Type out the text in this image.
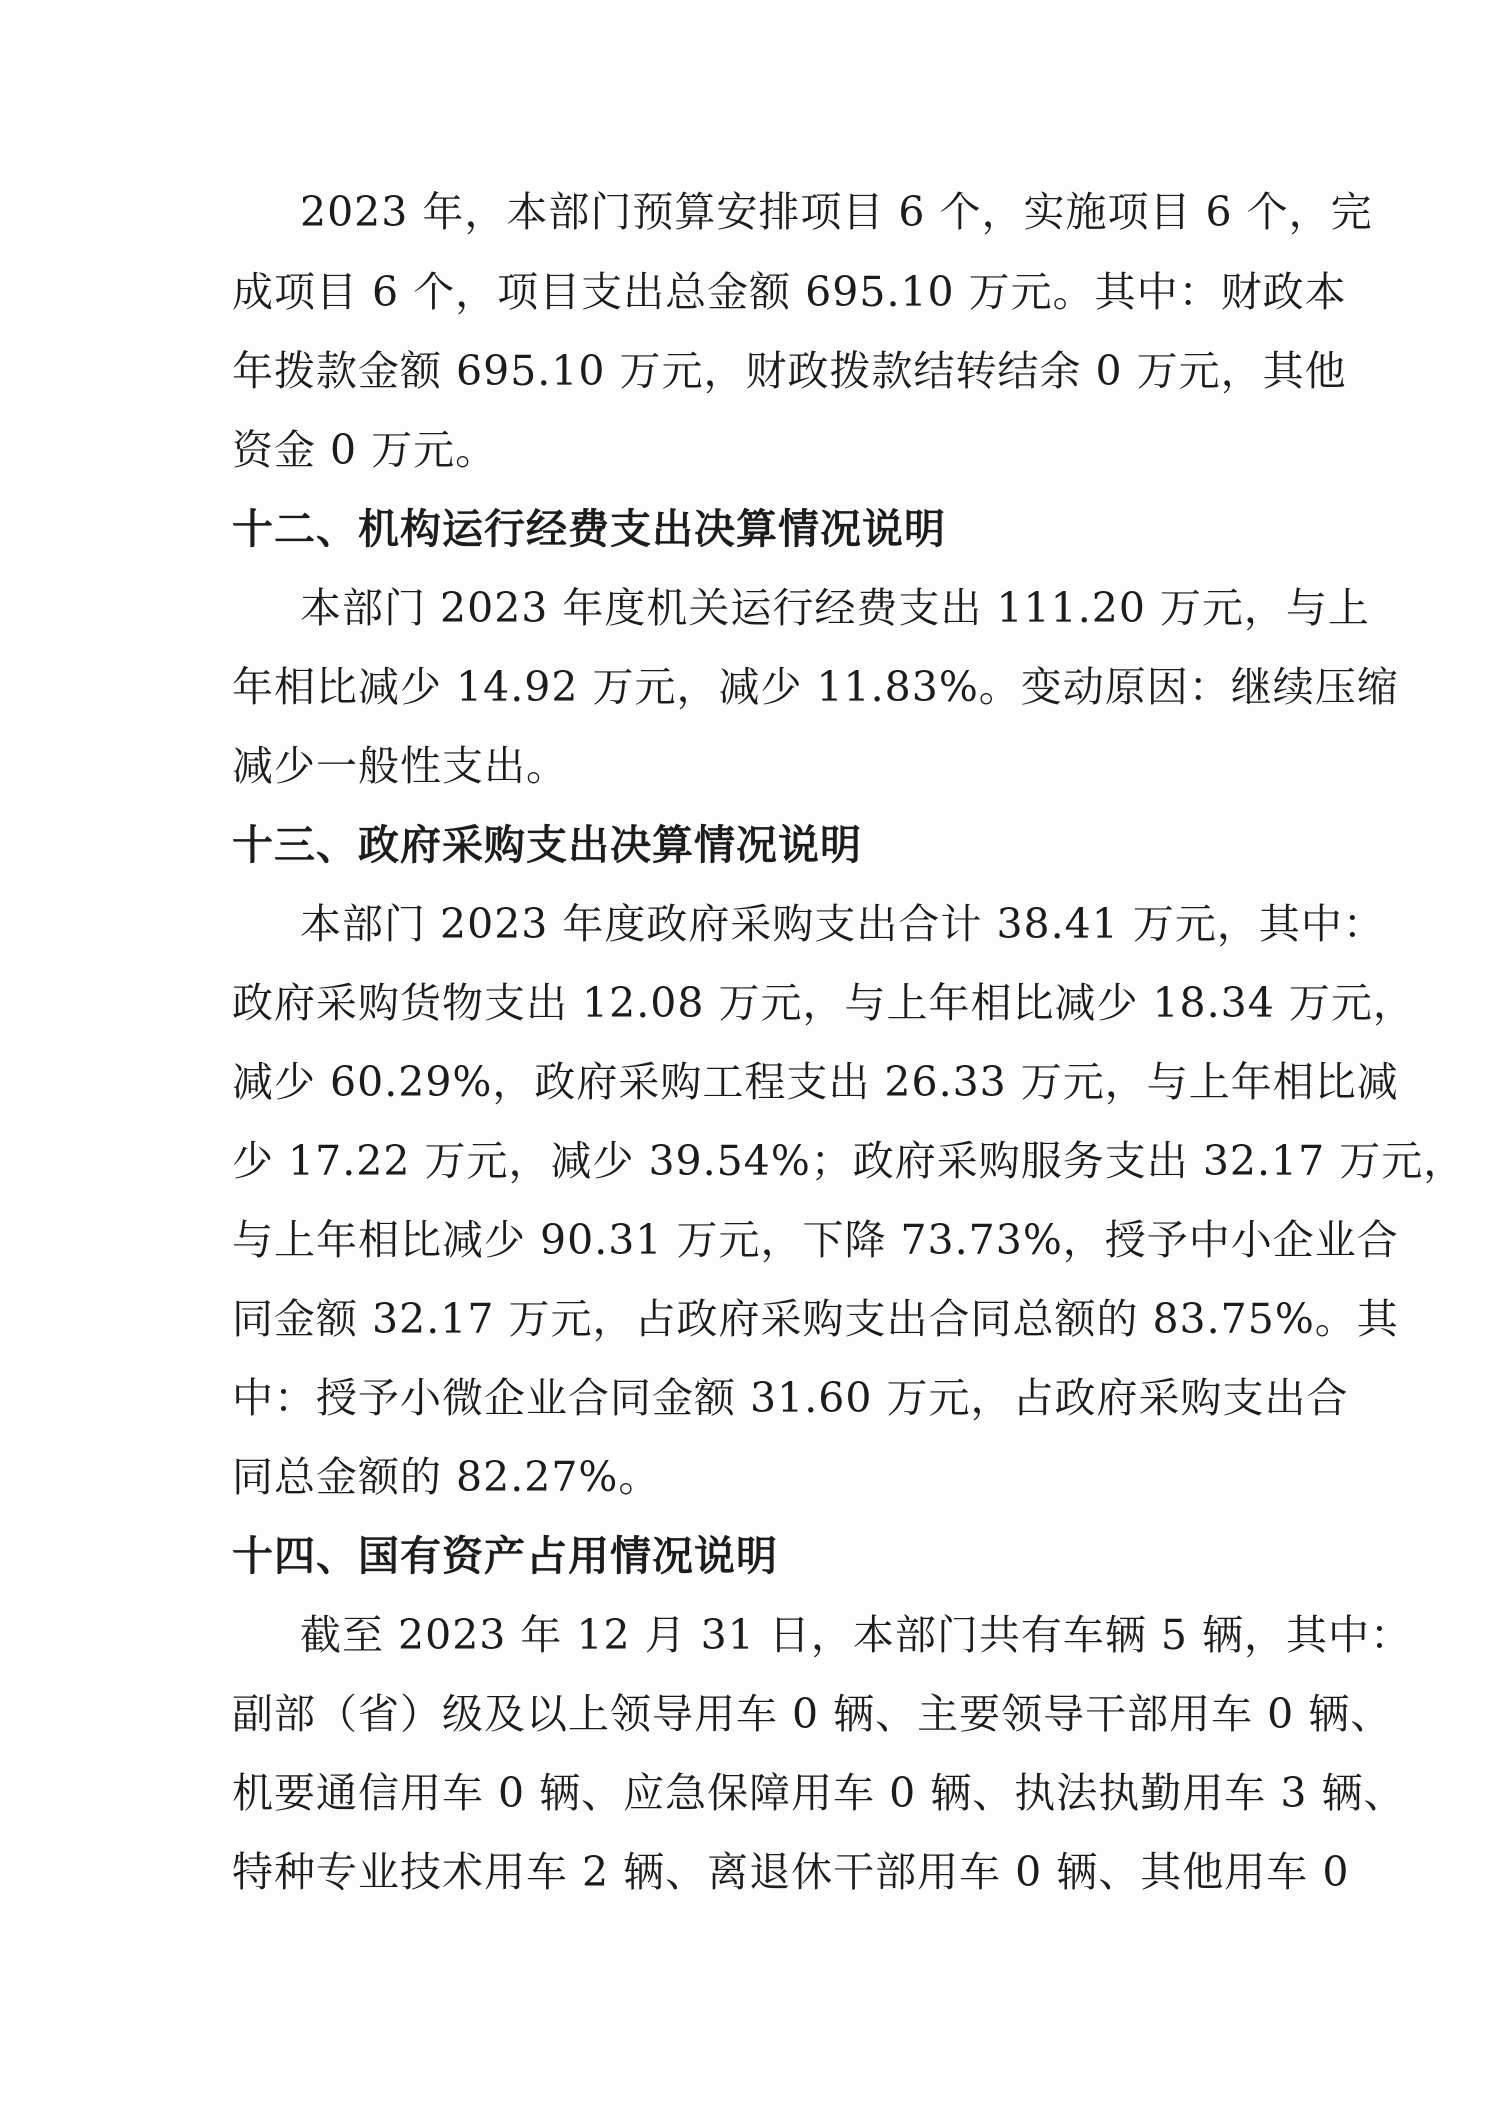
2023 年，本部门预算安排项目 6 个，实施项目 6 个，完
成项目 6 个，项目支出总金额 695.10 万元。其中：财政本
年拨款金额 695.10 万元，财政拨款结转结余 0 万元，其他
资金 0 万元。
十二、机构运行经费支出决算情况说明
本部门 2023 年度机关运行经费支出 111.20 万元，与上
年相比减少 14.92 万元，减少 11.83%。变动原因：继续压缩
减少一般性支出。
十三、政府采购支出决算情况说明
本部门 2023 年度政府采购支出合计 38.41 万元，其中：
政府采购货物支出 12.08 万元，与上年相比减少 18.34 万元，
减少 60.29%，政府采购工程支出 26.33 万元，与上年相比减
少 17.22 万元，减少 39.54%；政府采购服务支出 32.17 万元，
与上年相比减少 90.31 万元，下降 73.73%，授予中小企业合
同金额 32.17 万元，占政府采购支出合同总额的 83.75%。其
中：授予小微企业合同金额 31.60 万元，占政府采购支出合
同总金额的 82.27%。
十四、国有资产占用情况说明
截至 2023 年 12 月 31 日，本部门共有车辆 5 辆，其中：
副部（省）级及以上领导用车 0 辆、主要领导干部用车 0 辆、
机要通信用车 0 辆、应急保障用车 0 辆、执法执勤用车 3 辆、
特种专业技术用车 2 辆、离退休干部用车 0 辆、其他用车 0
